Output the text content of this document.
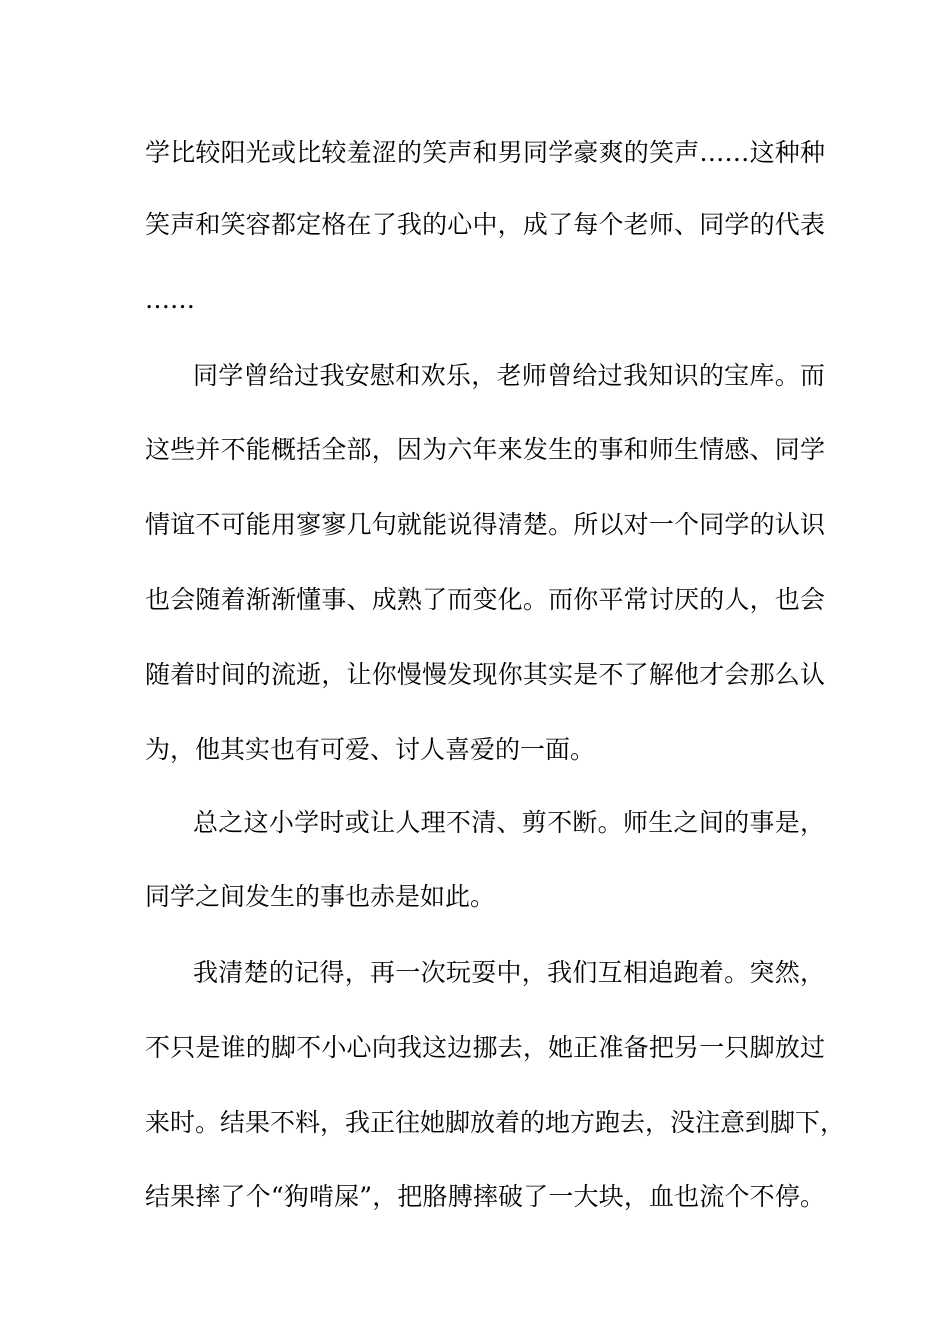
学比较阳光或比较羞涩的笑声和男同学豪爽的笑声……这种种
笑声和笑容都定格在了我的心中，成了每个老师、同学的代表
……
同学曾给过我安慰和欢乐，老师曾给过我知识的宝库。而
这些并不能概括全部，因为六年来发生的事和师生情感、同学
情谊不可能用寥寥几句就能说得清楚。所以对一个同学的认识
也会随着渐渐懂事、成熟了而变化。而你平常讨厌的人，也会
随着时间的流逝，让你慢慢发现你其实是不了解他才会那么认
为，他其实也有可爱、讨人喜爱的一面。
总之这小学时或让人理不清、剪不断。师生之间的事是，
同学之间发生的事也赤是如此。
我清楚的记得，再一次玩耍中，我们互相追跑着。突然，
不只是谁的脚不小心向我这边挪去，她正准备把另一只脚放过
来时。结果不料，我正往她脚放着的地方跑去，没注意到脚下，
结果摔了个“狗啃屎”，把胳膊摔破了一大块，血也流个不停。
